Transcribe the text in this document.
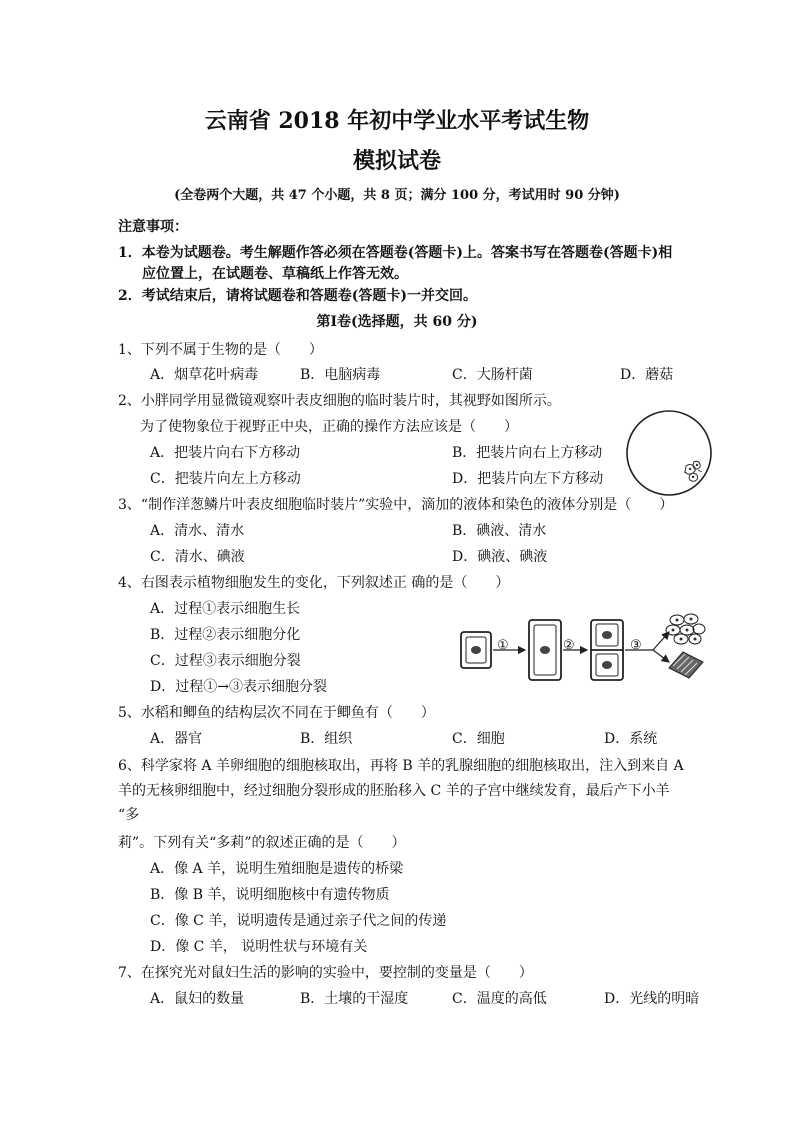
云南省 2018 年初中学业水平考试生物
模拟试卷
(全卷两个大题，共 47 个小题，共 8 页；满分 100 分，考试用时 90 分钟)
注意事项：
1．本卷为试题卷。考生解题作答必须在答题卷(答题卡)上。答案书写在答题卷(答题卡)相
应位置上，在试题卷、草稿纸上作答无效。
2．考试结束后，请将试题卷和答题卷(答题卡)一并交回。
第Ⅰ卷(选择题，共 60 分)
1、下列不属于生物的是（　　）
A．烟草花叶病毒	B．电脑病毒	C．大肠杆菌	D．蘑菇
2、小胖同学用显微镜观察叶表皮细胞的临时装片时，其视野如图所示。
为了使物象位于视野正中央，正确的操作方法应该是（　　）
A．把装片向右下方移动	B．把装片向右上方移动
C．把装片向左上方移动	D．把装片向左下方移动
3、“制作洋葱鳞片叶表皮细胞临时装片”实验中，滴加的液体和染色的液体分别是（　　）
A．清水、清水	B．碘液、清水
C．清水、碘液	D．碘液、碘液
4、右图表示植物细胞发生的变化，下列叙述正 确的是（　　）
A．过程①表示细胞生长
B．过程②表示细胞分化
C．过程③表示细胞分裂
D．过程①→③表示细胞分裂
①	②	③
5、水稻和鲫鱼的结构层次不同在于鲫鱼有（　　）
A．器官	B．组织	C．细胞	D．系统
6、科学家将 A 羊卵细胞的细胞核取出，再将 B 羊的乳腺细胞的细胞核取出，注入到来自 A
羊的无核卵细胞中，经过细胞分裂形成的胚胎移入 C 羊的子宫中继续发育，最后产下小羊
“多
莉”。下列有关“多莉”的叙述正确的是（　　）
A．像 A 羊，说明生殖细胞是遗传的桥梁
B．像 B 羊，说明细胞核中有遗传物质
C．像 C 羊，说明遗传是通过亲子代之间的传递
D．像 C 羊， 说明性状与环境有关
7、在探究光对鼠妇生活的影响的实验中，要控制的变量是（　　）
A．鼠妇的数量	B．土壤的干湿度	C．温度的高低	D．光线的明暗
